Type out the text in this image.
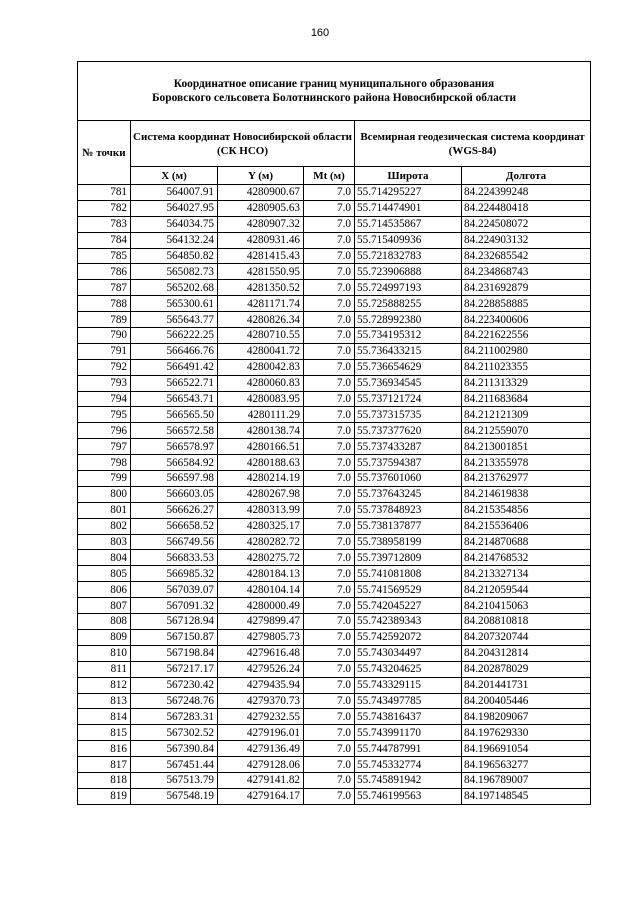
160
Координатное описание границ муниципального образования
Боровского сельсовета Болотнинского района Новосибирской области					
№ точки	Система координат Новосибирской области (СК НСО)			Всемирная геодезическая система координат (WGS-84)	
	X (м)	Y (м)	Mt (м)	Широта	Долгота
781	564007.91	4280900.67	7.0	55.714295227	84.224399248
782	564027.95	4280905.63	7.0	55.714474901	84.224480418
783	564034.75	4280907.32	7.0	55.714535867	84.224508072
784	564132.24	4280931.46	7.0	55.715409936	84.224903132
785	564850.82	4281415.43	7.0	55.721832783	84.232685542
786	565082.73	4281550.95	7.0	55.723906888	84.234868743
787	565202.68	4281350.52	7.0	55.724997193	84.231692879
788	565300.61	4281171.74	7.0	55.725888255	84.228858885
789	565643.77	4280826.34	7.0	55.728992380	84.223400606
790	566222.25	4280710.55	7.0	55.734195312	84.221622556
791	566466.76	4280041.72	7.0	55.736433215	84.211002980
792	566491.42	4280042.83	7.0	55.736654629	84.211023355
793	566522.71	4280060.83	7.0	55.736934545	84.211313329
794	566543.71	4280083.95	7.0	55.737121724	84.211683684
795	566565.50	4280111.29	7.0	55.737315735	84.212121309
796	566572.58	4280138.74	7.0	55.737377620	84.212559070
797	566578.97	4280166.51	7.0	55.737433287	84.213001851
798	566584.92	4280188.63	7.0	55.737594387	84.213355978
799	566597.98	4280214.19	7.0	55.737601060	84.213762977
800	566603.05	4280267.98	7.0	55.737643245	84.214619838
801	566626.27	4280313.99	7.0	55.737848923	84.215354856
802	566658.52	4280325.17	7.0	55.738137877	84.215536406
803	566749.56	4280282.72	7.0	55.738958199	84.214870688
804	566833.53	4280275.72	7.0	55.739712809	84.214768532
805	566985.32	4280184.13	7.0	55.741081808	84.213327134
806	567039.07	4280104.14	7.0	55.741569529	84.212059544
807	567091.32	4280000.49	7.0	55.742045227	84.210415063
808	567128.94	4279899.47	7.0	55.742389343	84.208810818
809	567150.87	4279805.73	7.0	55.742592072	84.207320744
810	567198.84	4279616.48	7.0	55.743034497	84.204312814
811	567217.17	4279526.24	7.0	55.743204625	84.202878029
812	567230.42	4279435.94	7.0	55.743329115	84.201441731
813	567248.76	4279370.73	7.0	55.743497785	84.200405446
814	567283.31	4279232.55	7.0	55.743816437	84.198209067
815	567302.52	4279196.01	7.0	55.743991170	84.197629330
816	567390.84	4279136.49	7.0	55.744787991	84.196691054
817	567451.44	4279128.06	7.0	55.745332774	84.196563277
818	567513.79	4279141.82	7.0	55.745891942	84.196789007
819	567548.19	4279164.17	7.0	55.746199563	84.197148545
